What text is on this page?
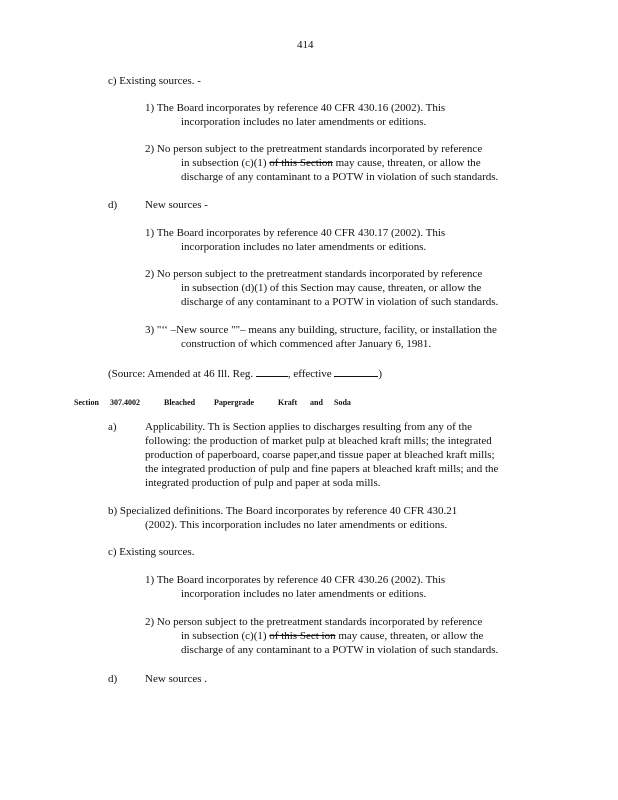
414
c) Existing sources. -
1) The Board incorporates by reference 40 CFR 430.16 (2002). This
incorporation includes no later amendments or editions.
2) No person subject to the pretreatment standards incorporated by reference
in subsection (c)(1) of this Section may cause, threaten, or allow the
discharge of any contaminant to a POTW in violation of such standards.
d)	New sources -
1) The Board incorporates by reference 40 CFR 430.17 (2002). This
incorporation includes no later amendments or editions.
2) No person subject to the pretreatment standards incorporated by reference
in subsection (d)(1) of this Section may cause, threaten, or allow the
discharge of any contaminant to a POTW in violation of such standards.
3) "‘‘ –New source ""– means any building, structure, facility, or installation the
construction of which commenced after January 6, 1981.
(Source: Amended at 46 Ill. Reg.	, effective	)
Section 307.4002	Bleached Papergrade	Kraft and Soda
a)	Applicability. Th is Section applies to discharges resulting from any of the
following: the production of market pulp at bleached kraft mills; the integrated
production of paperboard, coarse paper,and tissue paper at bleached kraft mills;
the integrated production of pulp and fine papers at bleached kraft mills; and the
integrated production of pulp and paper at soda mills.
b) Specialized definitions. The Board incorporates by reference 40 CFR 430.21
(2002). This incorporation includes no later amendments or editions.
c) Existing sources.
1) The Board incorporates by reference 40 CFR 430.26 (2002). This
incorporation includes no later amendments or editions.
2) No person subject to the pretreatment standards incorporated by reference
in subsection (c)(1) of this Sect ion may cause, threaten, or allow the
discharge of any contaminant to a POTW in violation of such standards.
d)	New sources .
